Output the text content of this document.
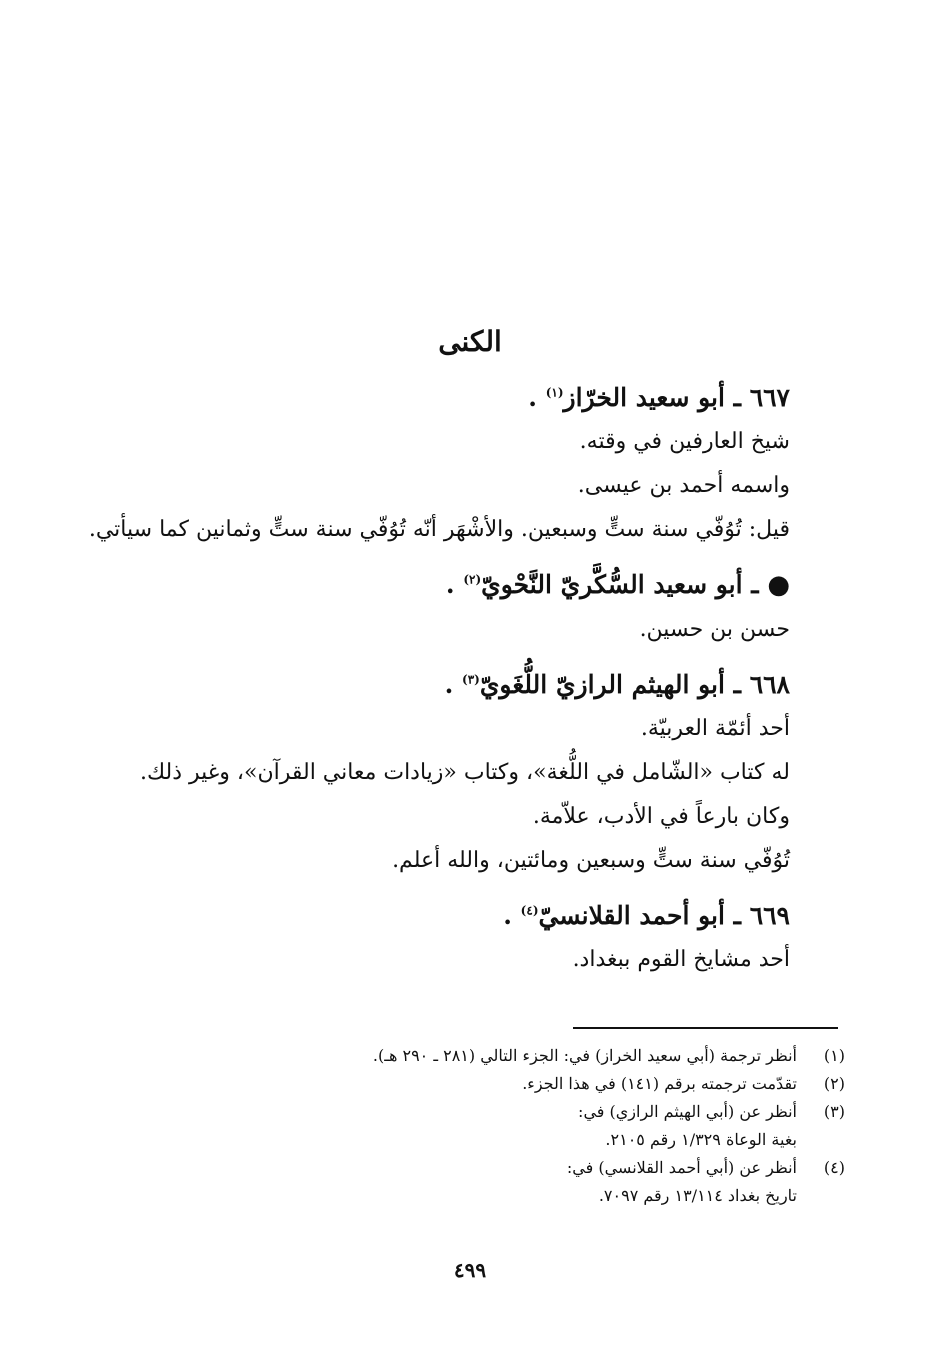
الكنى

٦٦٧ ـ أبو سعيد الخرّاز$^{(١)}$ .

شيخ العارفين في وقته.

واسمه أحمد بن عيسى.

قيل: تُوُفّي سنة ستٍّ وسبعين. والأشْهَر أنّه تُوُفّي سنة ستٍّ وثمانين كما سيأتي.

● ـ أبو سعيد السُّكَّريّ النَّحْويّ$^{(٢)}$ .

حسن بن حسين.

٦٦٨ ـ أبو الهيثم الرازيّ اللُّغَويّ$^{(٣)}$ .

أحد أئمّة العربيّة.

له كتاب «الشّامل في اللُّغة»، وكتاب «زيادات معاني القرآن»، وغير ذلك.

وكان بارعاً في الأدب، علاّمة.

تُوُفّي سنة ستٍّ وسبعين ومائتين، والله أعلم.

٦٦٩ ـ أبو أحمد القلانسيّ$^{(٤)}$ .

أحد مشايخ القوم ببغداد.

(١)
أنظر ترجمة (أبي سعيد الخراز) في: الجزء التالي (٢٨١ ـ ٢٩٠ هـ).
(٢)
تقدّمت ترجمته برقم (١٤١) في هذا الجزء.
(٣)
أنظر عن (أبي الهيثم الرازي) في:
بغية الوعاة ١/٣٢٩ رقم ٢١٠٥.
(٤)
أنظر عن (أبي أحمد القلانسي) في:
تاريخ بغداد ١٣/١١٤ رقم ٧٠٩٧.
٤٩٩
